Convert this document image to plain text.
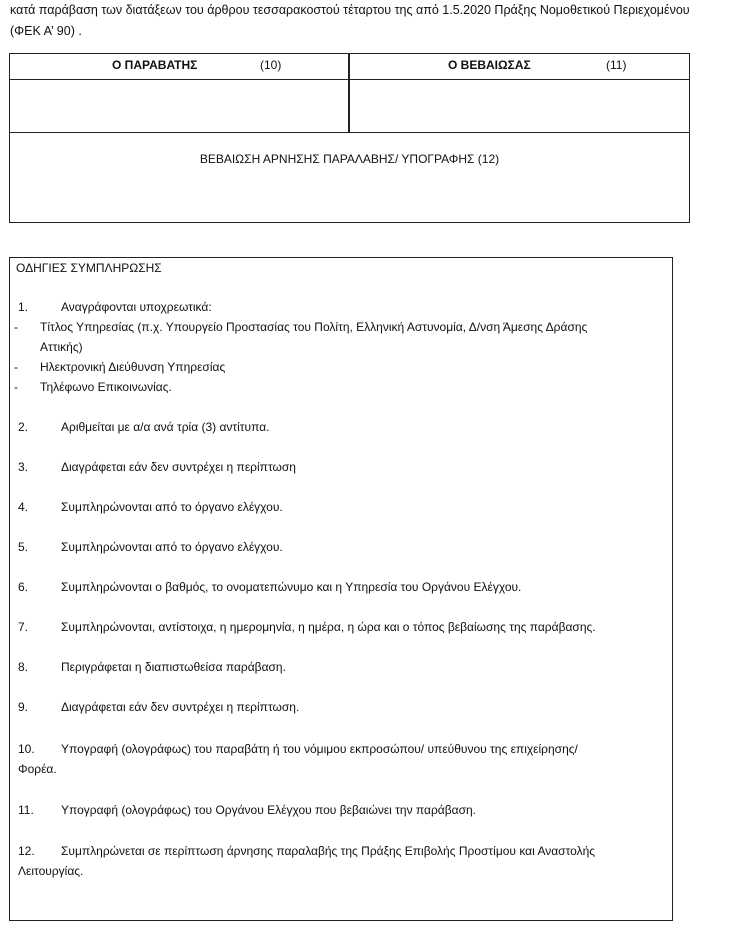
κατά παράβαση των διατάξεων του άρθρου τεσσαρακοστού τέταρτου της από 1.5.2020 Πράξης Νομοθετικού Περιεχομένου
(ΦΕΚ Α’ 90) .
Ο ΠΑΡΑΒΑΤΗΣ	(10)	Ο ΒΕΒΑΙΩΣΑΣ	(11)
ΒΕΒΑΙΩΣΗ ΑΡΝΗΣΗΣ ΠΑΡΑΛΑΒΗΣ/ ΥΠΟΓΡΑΦΗΣ (12)
ΟΔΗΓΙΕΣ ΣΥΜΠΛΗΡΩΣΗΣ
1.	Αναγράφονται υποχρεωτικά:
- Τίτλος Υπηρεσίας (π.χ. Υπουργείο Προστασίας του Πολίτη, Ελληνική Αστυνομία, Δ/νση Άμεσης Δράσης
Αττικής)
- Ηλεκτρονική Διεύθυνση Υπηρεσίας
- Τηλέφωνο Επικοινωνίας.
2.	Αριθμείται με α/α ανά τρία (3) αντίτυπα.
3.	Διαγράφεται εάν δεν συντρέχει η περίπτωση
4.	Συμπληρώνονται από το όργανο ελέγχου.
5.	Συμπληρώνονται από το όργανο ελέγχου.
6.	Συμπληρώνονται ο βαθμός, το ονοματεπώνυμο και η Υπηρεσία του Οργάνου Ελέγχου.
7.	Συμπληρώνονται, αντίστοιχα, η ημερομηνία, η ημέρα, η ώρα και ο τόπος βεβαίωσης της παράβασης.
8.	Περιγράφεται η διαπιστωθείσα παράβαση.
9.	Διαγράφεται εάν δεν συντρέχει η περίπτωση.
10. Υπογραφή (ολογράφως) του παραβάτη ή του νόμιμου εκπροσώπου/ υπεύθυνου της επιχείρησης/
Φορέα.
11. Υπογραφή (ολογράφως) του Οργάνου Ελέγχου που βεβαιώνει την παράβαση.
12. Συμπληρώνεται σε περίπτωση άρνησης παραλαβής της Πράξης Επιβολής Προστίμου και Αναστολής
Λειτουργίας.
